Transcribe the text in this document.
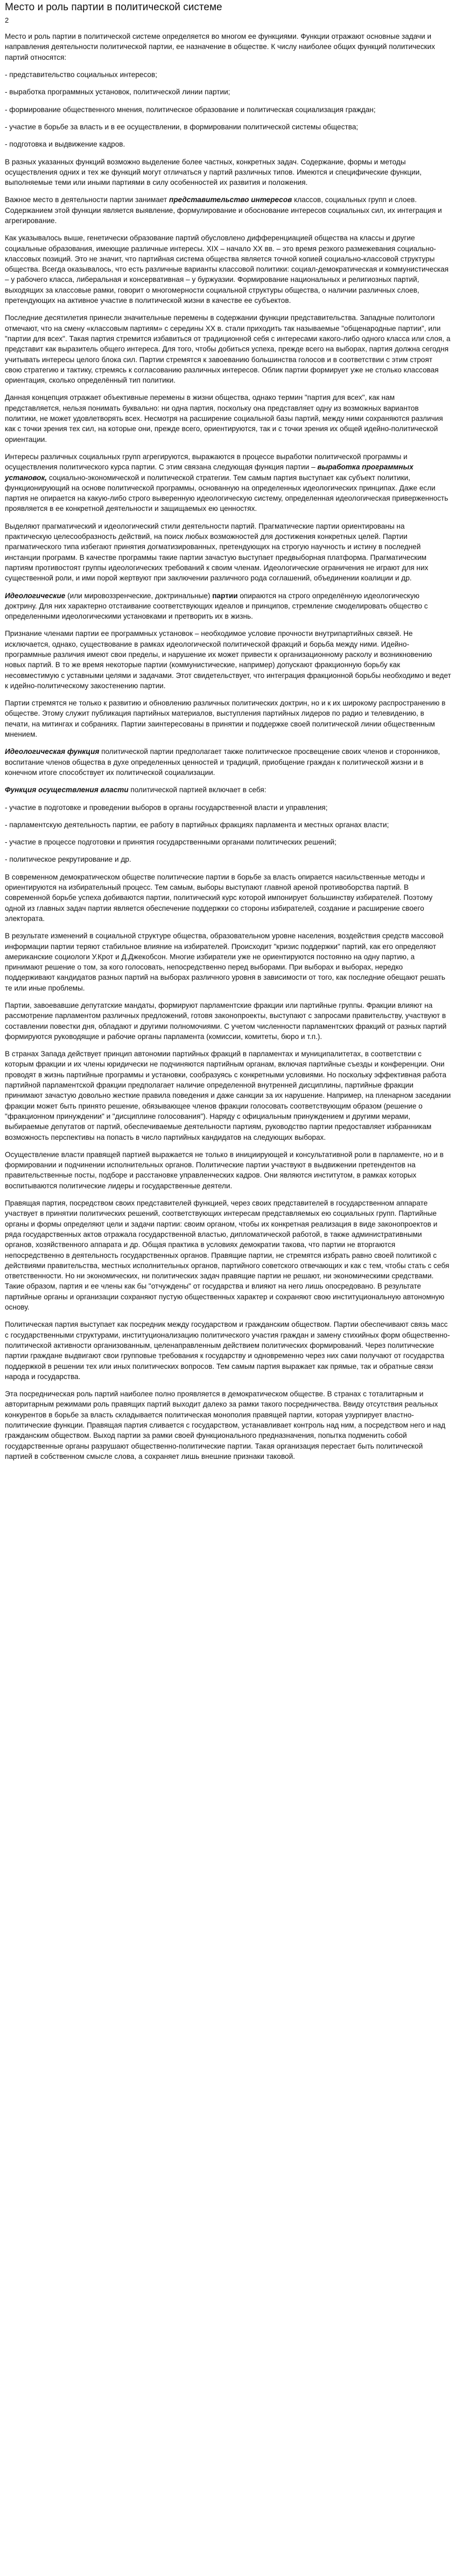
Место и роль партии в политической системе
2

Место и роль партии в политической системе определяется во многом ее функциями. Функции отражают основные задачи и направления деятельности политической партии, ее назначение в обществе. К числу наиболее общих функций политических партий относятся:

- представительство социальных интересов;

- выработка программных установок, политической линии партии;

- формирование общественного мнения, политическое образование и политическая социализация граждан;

- участие в борьбе за власть и в ее осуществлении, в формировании политической системы общества;

- подготовка и выдвижение кадров.

В разных указанных функций возможно выделение более частных, конкретных задач. Содержание, формы и методы осуществления одних и тех же функций могут отличаться у партий различных типов. Имеются и специфические функции, выполняемые теми или иными партиями в силу особенностей их развития и положения.

Важное место в деятельности партии занимает представительство интересов классов, социальных групп и слоев. Содержанием этой функции является выявление, формулирование и обоснование интересов социальных сил, их интеграция и агрегирование.

Как указывалось выше, генетически образование партий обусловлено дифференциацией общества на классы и другие социальные образования, имеющие различные интересы. XIX – начало XX вв. – это время резкого размежевания социально-классовых позиций. Это не значит, что партийная система общества является точной копией социально-классовой структуры общества. Всегда оказывалось, что есть различные варианты классовой политики: социал-демократическая и коммунистическая – у рабочего класса, либеральная и консервативная – у буржуазии. Формирование национальных и религиозных партий, выходящих за классовые рамки, говорит о многомерности социальной структуры общества, о наличии различных слоев, претендующих на активное участие в политической жизни в качестве ее субъектов.

Последние десятилетия принесли значительные перемены в содержании функции представительства. Западные политологи отмечают, что на смену «классовым партиям» с середины XX в. стали приходить так называемые "общенародные партии", или "партии для всех". Такая партия стремится избавиться от традиционной себя с интересами какого-либо одного класса или слоя, а представит как выразитель общего интереса. Для того, чтобы добиться успеха, прежде всего на выборах, партия должна сегодня учитывать интересы целого блока сил. Партии стремятся к завоеванию большинства голосов и в соответствии с этим строят свою стратегию и тактику, стремясь к согласованию различных интересов. Облик партии формирует уже не столько классовая ориентация, сколько определённый тип политики.

Данная концепция отражает объективные перемены в жизни общества, однако термин "партия для всех", как нам представляется, нельзя понимать буквально: ни одна партия, поскольку она представляет одну из возможных вариантов политики, не может удовлетворять всех. Несмотря на расширение социальной базы партий, между ними сохраняются различия как с точки зрения тех сил, на которые они, прежде всего, ориентируются, так и с точки зрения их общей идейно-политической ориентации.

Интересы различных социальных групп агрегируются, выражаются в процессе выработки политической программы и осуществления политического курса партии. С этим связана следующая функция партии – выработка программных установок, социально-экономической и политической стратегии. Тем самым партия выступает как субъект политики, функционирующий на основе политической программы, основанную на определенных идеологических принципах. Даже если партия не опирается на какую-либо строго выверенную идеологическую систему, определенная идеологическая приверженность проявляется в ее конкретной деятельности и защищаемых ею ценностях.

Выделяют прагматический и идеологический стили деятельности партий. Прагматические партии ориентированы на практическую целесообразность действий, на поиск любых возможностей для достижения конкретных целей. Партии прагматического типа избегают принятия догматизированных, претендующих на строгую научность и истину в последней инстанции программ. В качестве программы такие партии зачастую выступает предвыборная платформа. Прагматическим партиям противостоят группы идеологических требований к своим членам. Идеологические ограничения не играют для них существенной роли, и ими порой жертвуют при заключении различного рода соглашений, объединении коалиции и др.

Идеологические (или мировоззренческие, доктринальные) партии опираются на строго определённую идеологическую доктрину. Для них характерно отстаивание соответствующих идеалов и принципов, стремление смоделировать общество с определенными идеологическими установками и претворить их в жизнь.

Признание членами партии ее программных установок – необходимое условие прочности внутрипартийных связей. Не исключается, однако, существование в рамках идеологической политической фракций и борьба между ними. Идейно-программные различия имеют свои пределы, и нарушение их может привести к организационному расколу и возникновению новых партий. В то же время некоторые партии (коммунистические, например) допускают фракционную борьбу как несовместимую с уставными целями и задачами. Этот свидетельствует, что интеграция фракционной борьбы необходимо и ведет к идейно-политическому закостенению партии.

Партии стремятся не только к развитию и обновлению различных политических доктрин, но и к их широкому распространению в обществе. Этому служит публикация партийных материалов, выступления партийных лидеров по радио и телевидению, в печати, на митингах и собраниях. Партии заинтересованы в принятии и поддержке своей политической линии общественным мнением.

Идеологическая функция политической партии предполагает также политическое просвещение своих членов и сторонников, воспитание членов общества в духе определенных ценностей и традиций, приобщение граждан к политической жизни и в конечном итоге способствует их политической социализации.

Функция осуществления власти политической партией включает в себя:

- участие в подготовке и проведении выборов в органы государственной власти и управления;

- парламентскую деятельность партии, ее работу в партийных фракциях парламента и местных органах власти;

- участие в процессе подготовки и принятия государственными органами политических решений;

- политическое рекрутирование и др.

В современном демократическом обществе политические партии в борьбе за власть опирается насильственные методы и ориентируются на избирательный процесс. Тем самым, выборы выступают главной ареной противоборства партий. В современной борьбе успеха добиваются партии, политический курс которой импонирует большинству избирателей. Поэтому одной из главных задач партии является обеспечение поддержки со стороны избирателей, создание и расширение своего электората.

В результате изменений в социальной структуре общества, образовательном уровне населения, воздействия средств массовой информации партии теряют стабильное влияние на избирателей. Происходит "кризис поддержки" партий, как его определяют американские социологи У.Крот и Д.Джекобсон. Многие избиратели уже не ориентируются постоянно на одну партию, а принимают решение о том, за кого голосовать, непосредственно перед выборами. При выборах и выборах, нередко поддерживают кандидатов разных партий на выборах различного уровня в зависимости от того, как последние обещают решать те или иные проблемы.

Партии, завоевавшие депутатские мандаты, формируют парламентские фракции или партийные группы. Фракции влияют на рассмотрение парламентом различных предложений, готовя законопроекты, выступают с запросами правительству, участвуют в составлении повестки дня, обладают и другими полномочиями. С учетом численности парламентских фракций от разных партий формируются руководящие и рабочие органы парламента (комиссии, комитеты, бюро и т.п.).

В странах Запада действует принцип автономии партийных фракций в парламентах и муниципалитетах, в соответствии с которым фракции и их члены юридически не подчиняются партийным органам, включая партийные съезды и конференции. Они проводят в жизнь партийные программы и установки, сообразуясь с конкретными условиями. Но поскольку эффективная работа партийной парламентской фракции предполагает наличие определенной внутренней дисциплины, партийные фракции принимают зачастую довольно жесткие правила поведения и даже санкции за их нарушение. Например, на пленарном заседании фракции может быть принято решение, обязывающее членов фракции голосовать соответствующим образом (решение о "фракционном принуждении" и "дисциплине голосования"). Наряду с официальным принуждением и другими мерами, выбираемые депутатов от партий, обеспечиваемые деятельности партиям, руководство партии предоставляет избранникам возможность перспективы на попасть в число партийных кандидатов на следующих выборах.

Осуществление власти правящей партией выражается не только в инициирующей и консультативной роли в парламенте, но и в формировании и подчинении исполнительных органов. Политические партии участвуют в выдвижении претендентов на правительственные посты, подборе и расстановке управленческих кадров. Они являются институтом, в рамках которых воспитываются политические лидеры и государственные деятели.

Правящая партия, посредством своих представителей функцией, через своих представителей в государственном аппарате участвует в принятии политических решений, соответствующих интересам представляемых ею социальных групп. Партийные органы и формы определяют цели и задачи партии: своим органом, чтобы их конкретная реализация в виде законопроектов и ряда государственных актов отражала государственной властью, дипломатической работой, в также административными органов, хозяйственного аппарата и др. Общая практика в условиях демократии такова, что партии не вторгаются непосредственно в деятельность государственных органов. Правящие партии, не стремятся избрать равно своей политикой с действиями правительства, местных исполнительных органов, партийного советского отвечающих и как с тем, чтобы стать с себя ответственности. Но ни экономических, ни политических задач правящие партии не решают, ни экономическими средствами. Такие образом, партия и ее члены как бы "отчуждены" от государства и влияют на него лишь опосредовано. В результате партийные органы и организации сохраняют пустую общественных характер и сохраняют свою институциональную автономную основу.

Политическая партия выступает как посредник между государством и гражданским обществом. Партии обеспечивают связь масс с государственными структурами, институционализацию политического участия граждан и замену стихийных форм общественно-политической активности организованным, целенаправленным действием политических формирований. Через политические партии граждане выдвигают свои групповые требования к государству и одновременно через них сами получают от государства поддержкой в решении тех или иных политических вопросов. Тем самым партия выражает как прямые, так и обратные связи народа и государства.

Эта посредническая роль партий наиболее полно проявляется в демократическом обществе. В странах с тоталитарным и авторитарным режимами роль правящих партий выходит далеко за рамки такого посредничества. Ввиду отсутствия реальных конкурентов в борьбе за власть складывается политическая монополия правящей партии, которая узурпирует властно-политические функции. Правящая партия сливается с государством, устанавливает контроль над ним, а посредством него и над гражданским обществом. Выход партии за рамки своей функционального предназначения, попытка подменить собой государственные органы разрушают общественно-политические партии. Такая организация перестает быть политической партией в собственном смысле слова, а сохраняет лишь внешние признаки таковой.
